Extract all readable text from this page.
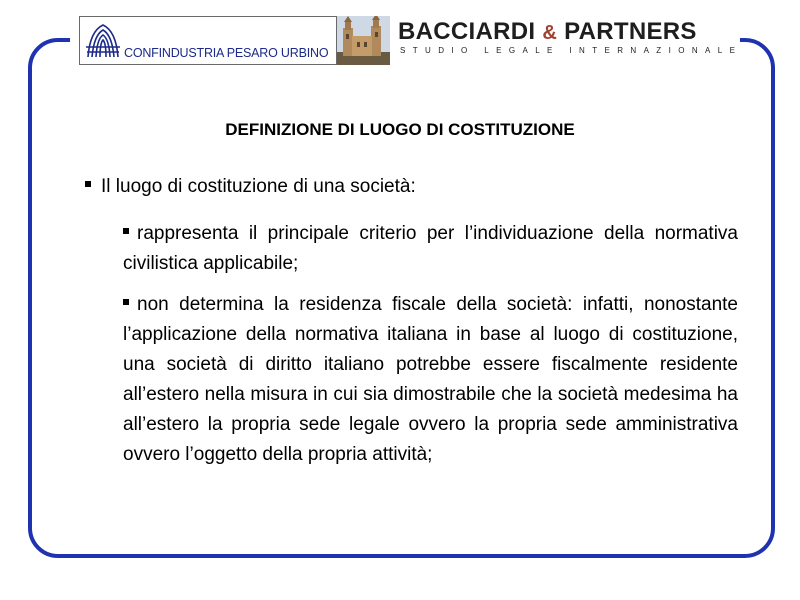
CONFINDUSTRIA PESARO URBINO
BACCIARDI & PARTNERS
STUDIO LEGALE INTERNAZIONALE
DEFINIZIONE DI LUOGO DI COSTITUZIONE
Il luogo di costituzione di una società:
rappresenta il principale criterio per l’individuazione della normativa civilistica applicabile;
non determina la residenza fiscale della società: infatti, nonostante l’applicazione della normativa italiana in base al luogo di costituzione, una società di diritto italiano potrebbe essere fiscalmente residente all’estero nella misura in cui sia dimostrabile che la società medesima ha all’estero la propria sede legale ovvero la propria sede amministrativa ovvero l’oggetto della propria attività;
